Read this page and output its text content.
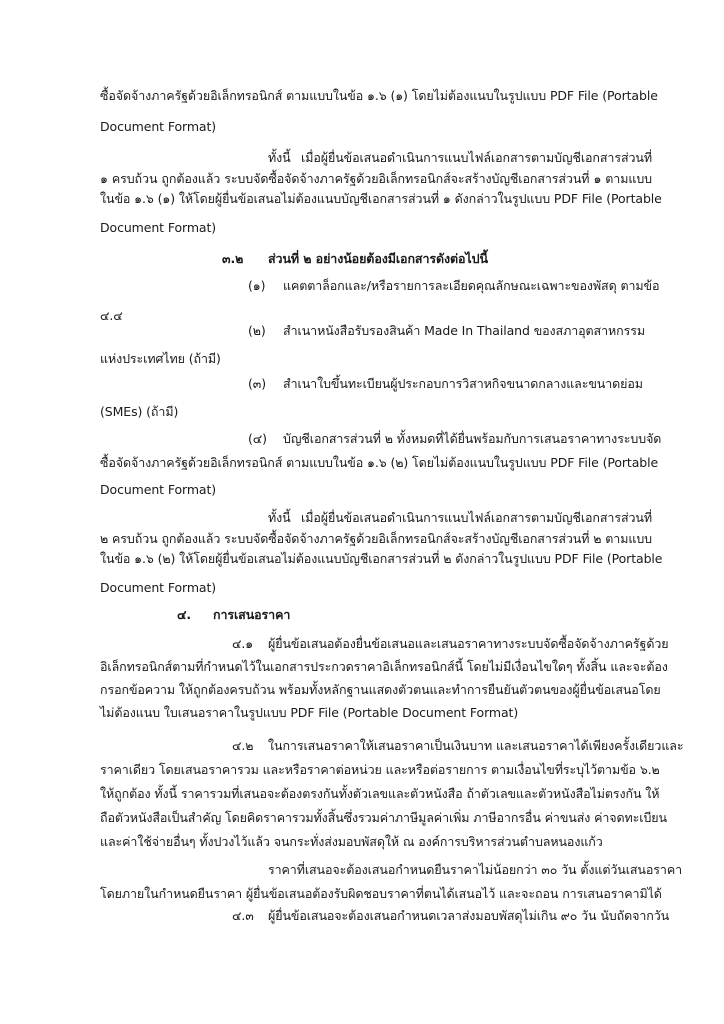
ซื้อจัดจ้างภาครัฐด้วยอิเล็กทรอนิกส์ ตามแบบในข้อ ๑.๖ (๑) โดยไม่ต้องแนบในรูปแบบ PDF File (Portable
Document Format)
ทั้งนี้ เมื่อผู้ยื่นข้อเสนอดำเนินการแนบไฟล์เอกสารตามบัญชีเอกสารส่วนที่
๑ ครบถ้วน ถูกต้องแล้ว ระบบจัดซื้อจัดจ้างภาครัฐด้วยอิเล็กทรอนิกส์จะสร้างบัญชีเอกสารส่วนที่ ๑ ตามแบบ
ในข้อ ๑.๖ (๑) ให้โดยผู้ยื่นข้อเสนอไม่ต้องแนบบัญชีเอกสารส่วนที่ ๑ ดังกล่าวในรูปแบบ PDF File (Portable
Document Format)
๓.๒ ส่วนที่ ๒ อย่างน้อยต้องมีเอกสารดังต่อไปนี้
(๑) แคตตาล็อกและ/หรือรายการละเอียดคุณลักษณะเฉพาะของพัสดุ ตามข้อ
๔.๔
(๒) สำเนาหนังสือรับรองสินค้า Made In Thailand ของสภาอุตสาหกรรม
แห่งประเทศไทย (ถ้ามี)
(๓) สำเนาใบขึ้นทะเบียนผู้ประกอบการวิสาหกิจขนาดกลางและขนาดย่อม
(SMEs) (ถ้ามี)
(๔) บัญชีเอกสารส่วนที่ ๒ ทั้งหมดที่ได้ยื่นพร้อมกับการเสนอราคาทางระบบจัด
ซื้อจัดจ้างภาครัฐด้วยอิเล็กทรอนิกส์ ตามแบบในข้อ ๑.๖ (๒) โดยไม่ต้องแนบในรูปแบบ PDF File (Portable
Document Format)
ทั้งนี้ เมื่อผู้ยื่นข้อเสนอดำเนินการแนบไฟล์เอกสารตามบัญชีเอกสารส่วนที่
๒ ครบถ้วน ถูกต้องแล้ว ระบบจัดซื้อจัดจ้างภาครัฐด้วยอิเล็กทรอนิกส์จะสร้างบัญชีเอกสารส่วนที่ ๒ ตามแบบ
ในข้อ ๑.๖ (๒) ให้โดยผู้ยื่นข้อเสนอไม่ต้องแนบบัญชีเอกสารส่วนที่ ๒ ดังกล่าวในรูปแบบ PDF File (Portable
Document Format)
๔. การเสนอราคา
๔.๑ ผู้ยื่นข้อเสนอต้องยื่นข้อเสนอและเสนอราคาทางระบบจัดซื้อจัดจ้างภาครัฐด้วย
อิเล็กทรอนิกส์ตามที่กำหนดไว้ในเอกสารประกวดราคาอิเล็กทรอนิกส์นี้ โดยไม่มีเงื่อนไขใดๆ ทั้งสิ้น และจะต้อง
กรอกข้อความ ให้ถูกต้องครบถ้วน พร้อมทั้งหลักฐานแสดงตัวตนและทำการยืนยันตัวตนของผู้ยื่นข้อเสนอโดย
ไม่ต้องแนบ ใบเสนอราคาในรูปแบบ PDF File (Portable Document Format)
๔.๒ ในการเสนอราคาให้เสนอราคาเป็นเงินบาท และเสนอราคาได้เพียงครั้งเดียวและ
ราคาเดียว โดยเสนอราคารวม และหรือราคาต่อหน่วย และหรือต่อรายการ ตามเงื่อนไขที่ระบุไว้ตามข้อ ๖.๒
ให้ถูกต้อง ทั้งนี้ ราคารวมที่เสนอจะต้องตรงกันทั้งตัวเลขและตัวหนังสือ ถ้าตัวเลขและตัวหนังสือไม่ตรงกัน ให้
ถือตัวหนังสือเป็นสำคัญ โดยคิดราคารวมทั้งสิ้นซึ่งรวมค่าภาษีมูลค่าเพิ่ม ภาษีอากรอื่น ค่าขนส่ง ค่าจดทะเบียน
และค่าใช้จ่ายอื่นๆ ทั้งปวงไว้แล้ว จนกระทั่งส่งมอบพัสดุให้ ณ องค์การบริหารส่วนตำบลหนองแก้ว
ราคาที่เสนอจะต้องเสนอกำหนดยืนราคาไม่น้อยกว่า ๓๐ วัน ตั้งแต่วันเสนอราคา
โดยภายในกำหนดยืนราคา ผู้ยื่นข้อเสนอต้องรับผิดชอบราคาที่ตนได้เสนอไว้ และจะถอน การเสนอราคามิได้
๔.๓ ผู้ยื่นข้อเสนอจะต้องเสนอกำหนดเวลาส่งมอบพัสดุไม่เกิน ๙๐ วัน นับถัดจากวัน
